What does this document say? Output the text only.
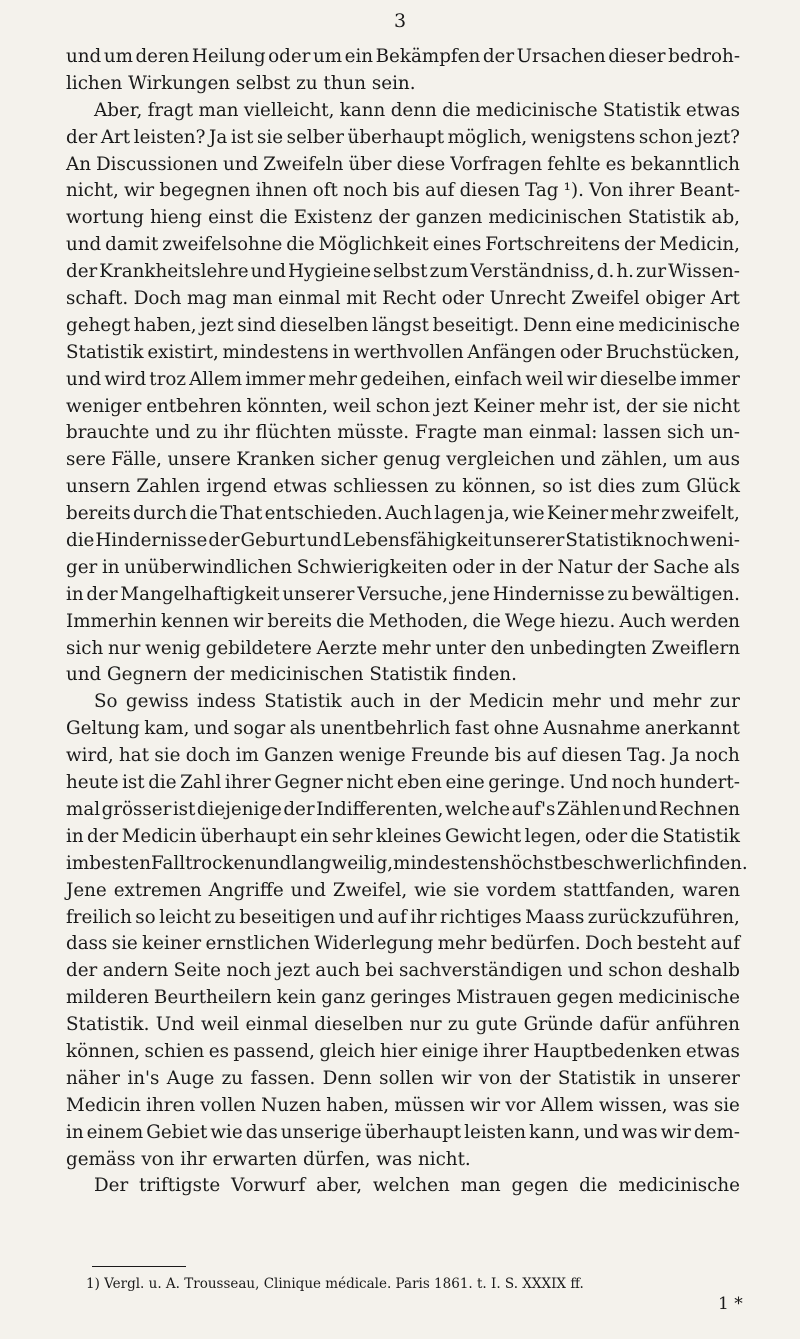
3
und um deren Heilung oder um ein Bekämpfen der Ursachen dieser bedroh-
lichen Wirkungen selbst zu thun sein.
Aber, fragt man vielleicht, kann denn die medicinische Statistik etwas
der Art leisten? Ja ist sie selber überhaupt möglich, wenigstens schon jezt?
An Discussionen und Zweifeln über diese Vorfragen fehlte es bekanntlich
nicht, wir begegnen ihnen oft noch bis auf diesen Tag ¹). Von ihrer Beant-
wortung hieng einst die Existenz der ganzen medicinischen Statistik ab,
und damit zweifelsohne die Möglichkeit eines Fortschreitens der Medicin,
der Krankheitslehre und Hygieine selbst zum Verständniss, d. h. zur Wissen-
schaft. Doch mag man einmal mit Recht oder Unrecht Zweifel obiger Art
gehegt haben, jezt sind dieselben längst beseitigt. Denn eine medicinische
Statistik existirt, mindestens in werthvollen Anfängen oder Bruchstücken,
und wird troz Allem immer mehr gedeihen, einfach weil wir dieselbe immer
weniger entbehren könnten, weil schon jezt Keiner mehr ist, der sie nicht
brauchte und zu ihr flüchten müsste. Fragte man einmal: lassen sich un-
sere Fälle, unsere Kranken sicher genug vergleichen und zählen, um aus
unsern Zahlen irgend etwas schliessen zu können, so ist dies zum Glück
bereits durch die That entschieden. Auch lagen ja, wie Keiner mehr zweifelt,
die Hindernisse der Geburt und Lebensfähigkeit unserer Statistik noch weni-
ger in unüberwindlichen Schwierigkeiten oder in der Natur der Sache als
in der Mangelhaftigkeit unserer Versuche, jene Hindernisse zu bewältigen.
Immerhin kennen wir bereits die Methoden, die Wege hiezu. Auch werden
sich nur wenig gebildetere Aerzte mehr unter den unbedingten Zweiflern
und Gegnern der medicinischen Statistik finden.
So gewiss indess Statistik auch in der Medicin mehr und mehr zur
Geltung kam, und sogar als unentbehrlich fast ohne Ausnahme anerkannt
wird, hat sie doch im Ganzen wenige Freunde bis auf diesen Tag. Ja noch
heute ist die Zahl ihrer Gegner nicht eben eine geringe. Und noch hundert-
mal grösser ist diejenige der Indifferenten, welche auf's Zählen und Rechnen
in der Medicin überhaupt ein sehr kleines Gewicht legen, oder die Statistik
im besten Fall trocken und langweilig, mindestens höchst beschwerlich finden.
Jene extremen Angriffe und Zweifel, wie sie vordem stattfanden, waren
freilich so leicht zu beseitigen und auf ihr richtiges Maass zurückzuführen,
dass sie keiner ernstlichen Widerlegung mehr bedürfen. Doch besteht auf
der andern Seite noch jezt auch bei sachverständigen und schon deshalb
milderen Beurtheilern kein ganz geringes Mistrauen gegen medicinische
Statistik. Und weil einmal dieselben nur zu gute Gründe dafür anführen
können, schien es passend, gleich hier einige ihrer Hauptbedenken etwas
näher in's Auge zu fassen. Denn sollen wir von der Statistik in unserer
Medicin ihren vollen Nuzen haben, müssen wir vor Allem wissen, was sie
in einem Gebiet wie das unserige überhaupt leisten kann, und was wir dem-
gemäss von ihr erwarten dürfen, was nicht.
Der triftigste Vorwurf aber, welchen man gegen die medicinische
1) Vergl. u. A. Trousseau, Clinique médicale. Paris 1861. t. I. S. XXXIX ff.
1 *
